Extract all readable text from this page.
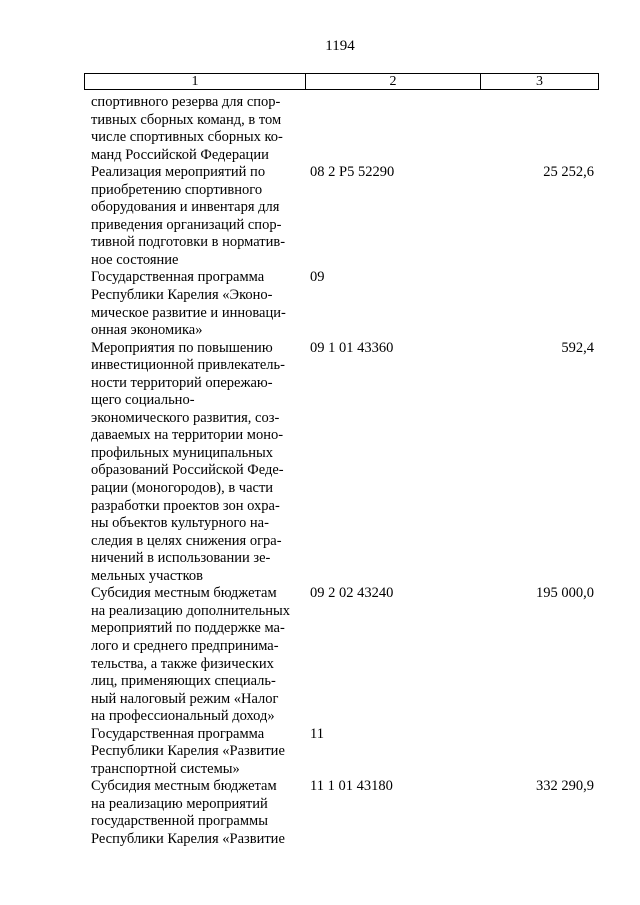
1194
1	2	3
спортивного резерва для спор-
тивных сборных команд, в том
числе спортивных сборных ко-
манд Российской Федерации
Реализация мероприятий по
приобретению спортивного
оборудования и инвентаря для
приведения организаций спор-
тивной подготовки в норматив-
ное состояние
08 2 P5 52290	25 252,6
Государственная программа
Республики Карелия «Эконо-
мическое развитие и инноваци-
онная экономика»
09
Мероприятия по повышению
инвестиционной привлекатель-
ности территорий опережаю-
щего социально-
экономического развития, соз-
даваемых на территории моно-
профильных муниципальных
образований Российской Феде-
рации (моногородов), в части
разработки проектов зон охра-
ны объектов культурного на-
следия в целях снижения огра-
ничений в использовании зе-
мельных участков
09 1 01 43360	592,4
Субсидия местным бюджетам
на реализацию дополнительных
мероприятий по поддержке ма-
лого и среднего предпринима-
тельства, а также физических
лиц, применяющих специаль-
ный налоговый режим «Налог
на профессиональный доход»
09 2 02 43240	195 000,0
Государственная программа
Республики Карелия «Развитие
транспортной системы»
11
Субсидия местным бюджетам
на реализацию мероприятий
государственной программы
Республики Карелия «Развитие
11 1 01 43180	332 290,9
